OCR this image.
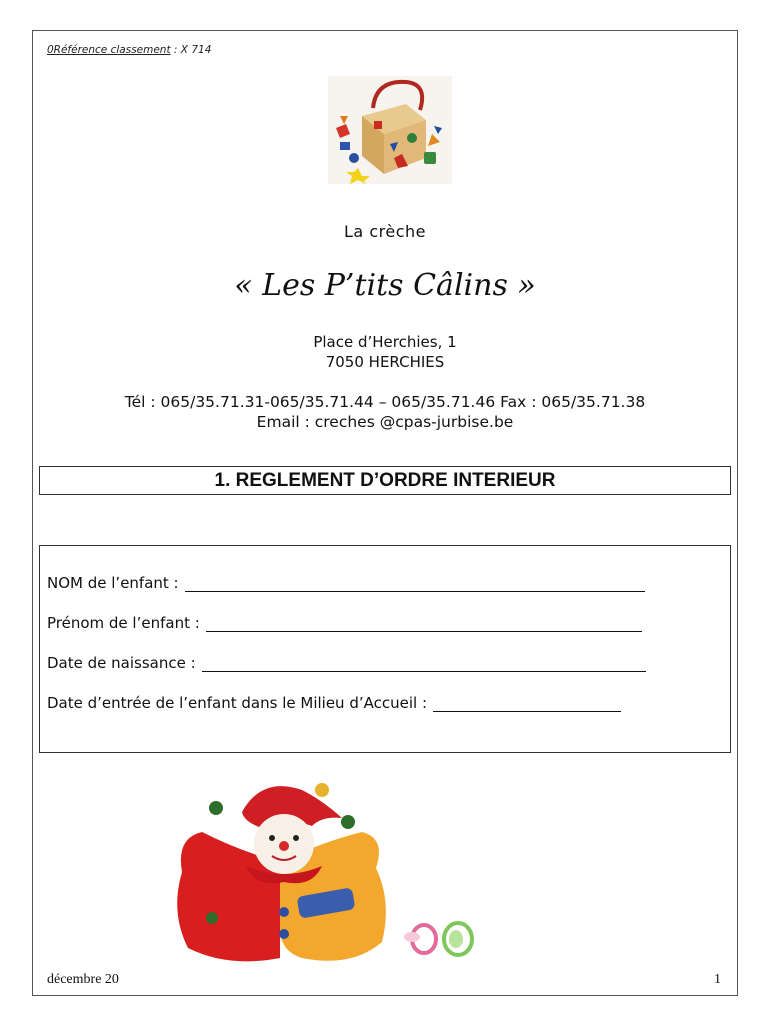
0Référence classement : X 714
La crèche
« Les P’tits Câlins »
Place d’Herchies, 1
7050 HERCHIES
Tél : 065/35.71.31-065/35.71.44 – 065/35.71.46 Fax : 065/35.71.38
Email : creches @cpas-jurbise.be
1. REGLEMENT D’ORDRE INTERIEUR
NOM de l’enfant :
Prénom de l’enfant :
Date de naissance :
Date d’entrée de l’enfant dans le Milieu d’Accueil :
décembre 20	1
